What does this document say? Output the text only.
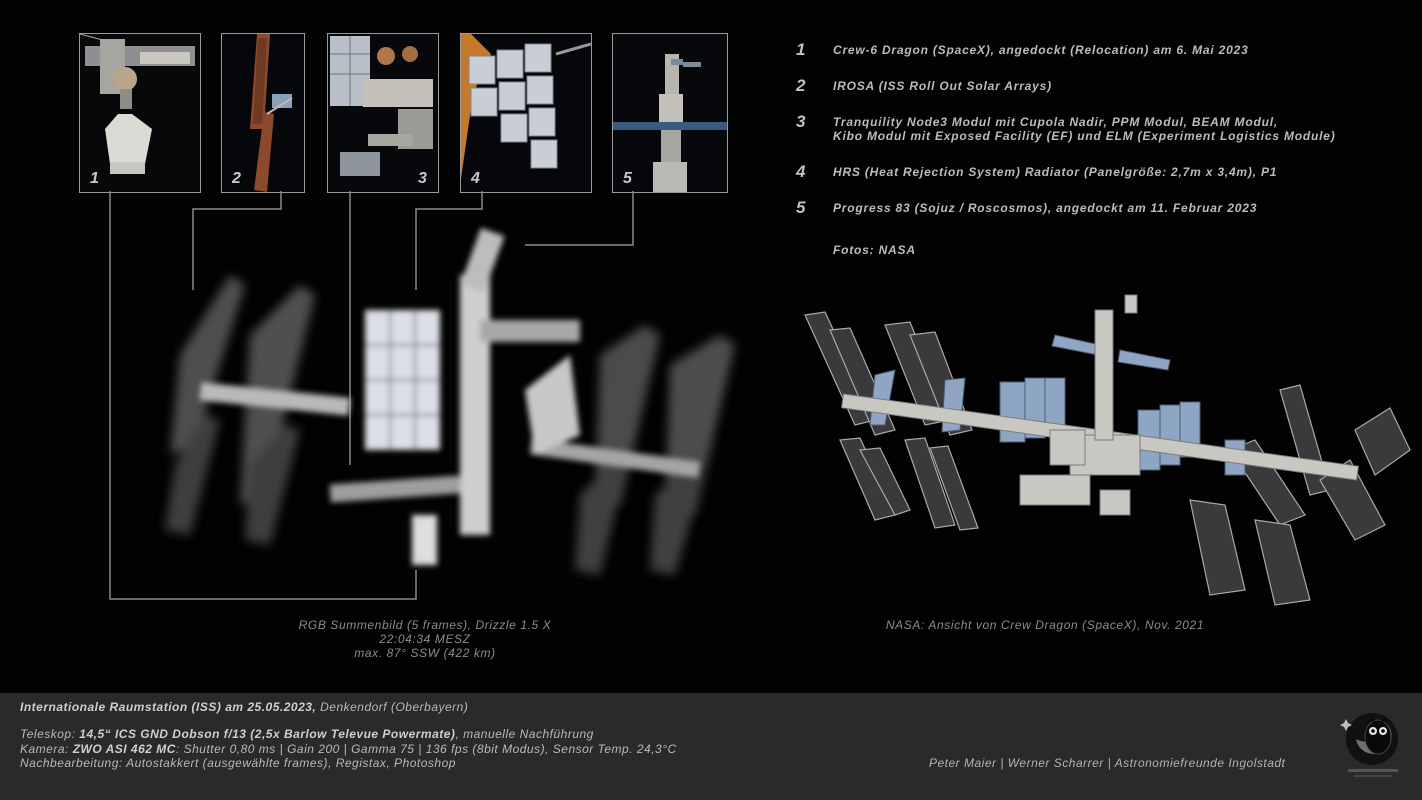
1	2	3	4	5
1 Crew-6 Dragon (SpaceX), angedockt (Relocation) am 6. Mai 2023
2 IROSA (ISS Roll Out Solar Arrays)
3 Tranquility Node3 Modul mit Cupola Nadir, PPM Modul, BEAM Modul,
Kibo Modul mit Exposed Facility (EF) und ELM (Experiment Logistics Module)
4 HRS (Heat Rejection System) Radiator (Panelgröße: 2,7m x 3,4m), P1
5 Progress 83 (Sojuz / Roscosmos), angedockt am 11. Februar 2023
Fotos: NASA
RGB Summenbild (5 frames), Drizzle 1.5 X
22:04:34 MESZ
max. 87° SSW (422 km)
NASA: Ansicht von Crew Dragon (SpaceX), Nov. 2021
Internationale Raumstation (ISS) am 25.05.2023, Denkendorf (Oberbayern)
Teleskop: 14,5“ ICS GND Dobson f/13 (2,5x Barlow Televue Powermate), manuelle Nachführung
Kamera: ZWO ASI 462 MC: Shutter 0,80 ms | Gain 200 | Gamma 75 | 136 fps (8bit Modus), Sensor Temp. 24,3°C
Nachbearbeitung: Autostakkert (ausgewählte frames), Registax, Photoshop	Peter Maier | Werner Scharrer | Astronomiefreunde Ingolstadt
